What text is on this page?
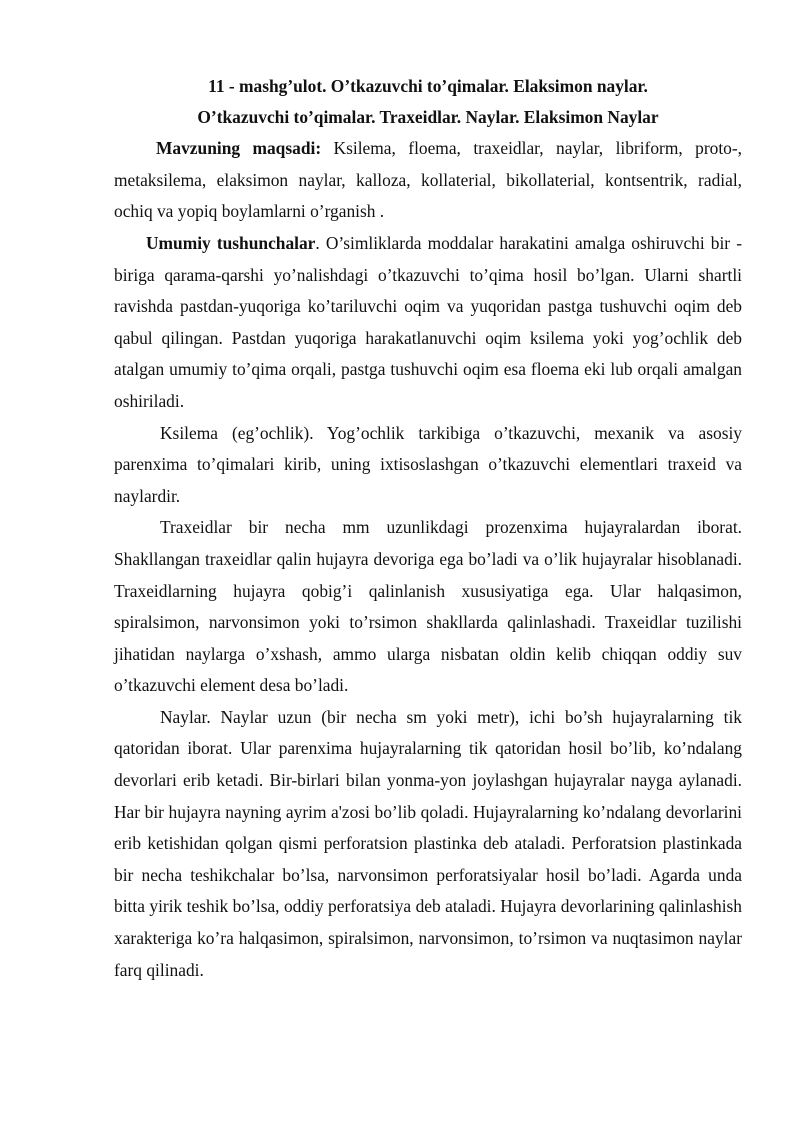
11 - mashg’ulot. O’tkazuvchi to’qimalar. Elaksimon naylar.
O’tkazuvchi to’qimalar. Traxeidlar. Naylar. Elaksimon Naylar

Mavzuning maqsadi: Ksilema, floema, traxeidlar, naylar, libriform, proto-, metaksilema, elaksimon naylar, kalloza, kollaterial, bikollaterial, kontsentrik, radial, ochiq va yopiq boylamlarni o’rganish .

Umumiy tushunchalar. O’simliklarda moddalar harakatini amalga oshiruvchi bir - biriga qarama-qarshi yo’nalishdagi o’tkazuvchi to’qima hosil bo’lgan. Ularni shartli ravishda pastdan-yuqoriga ko’tariluvchi oqim va yuqoridan pastga tushuvchi oqim deb qabul qilingan. Pastdan yuqoriga harakatlanuvchi oqim ksilema yoki yog’ochlik deb atalgan umumiy to’qima orqali, pastga tushuvchi oqim esa floema eki lub orqali amalgan oshiriladi.

Ksilema (eg’ochlik). Yog’ochlik tarkibiga o’tkazuvchi, mexanik va asosiy parenxima to’qimalari kirib, uning ixtisoslashgan o’tkazuvchi elementlari traxeid va naylardir.

Traxeidlar bir necha mm uzunlikdagi prozenxima hujayralardan iborat. Shakllangan traxeidlar qalin hujayra devoriga ega bo’ladi va o’lik hujayralar hisoblanadi. Traxeidlarning hujayra qobig’i qalinlanish xususiyatiga ega. Ular halqasimon, spiralsimon, narvonsimon yoki to’rsimon shakllarda qalinlashadi. Traxeidlar tuzilishi jihatidan naylarga o’xshash, ammo ularga nisbatan oldin kelib chiqqan oddiy suv o’tkazuvchi element desa bo’ladi.

Naylar. Naylar uzun (bir necha sm yoki metr), ichi bo’sh hujayralarning tik qatoridan iborat. Ular parenxima hujayralarning tik qatoridan hosil bo’lib, ko’ndalang devorlari erib ketadi. Bir-birlari bilan yonma-yon joylashgan hujayralar nayga aylanadi. Har bir hujayra nayning ayrim a'zosi bo’lib qoladi. Hujayralarning ko’ndalang devorlarini erib ketishidan qolgan qismi perforatsion plastinka deb ataladi. Perforatsion plastinkada bir necha teshikchalar bo’lsa, narvonsimon perforatsiyalar hosil bo’ladi. Agarda unda bitta yirik teshik bo’lsa, oddiy perforatsiya deb ataladi. Hujayra devorlarining qalinlashish xarakteriga ko’ra halqasimon, spiralsimon, narvonsimon, to’rsimon va nuqtasimon naylar farq qilinadi.
